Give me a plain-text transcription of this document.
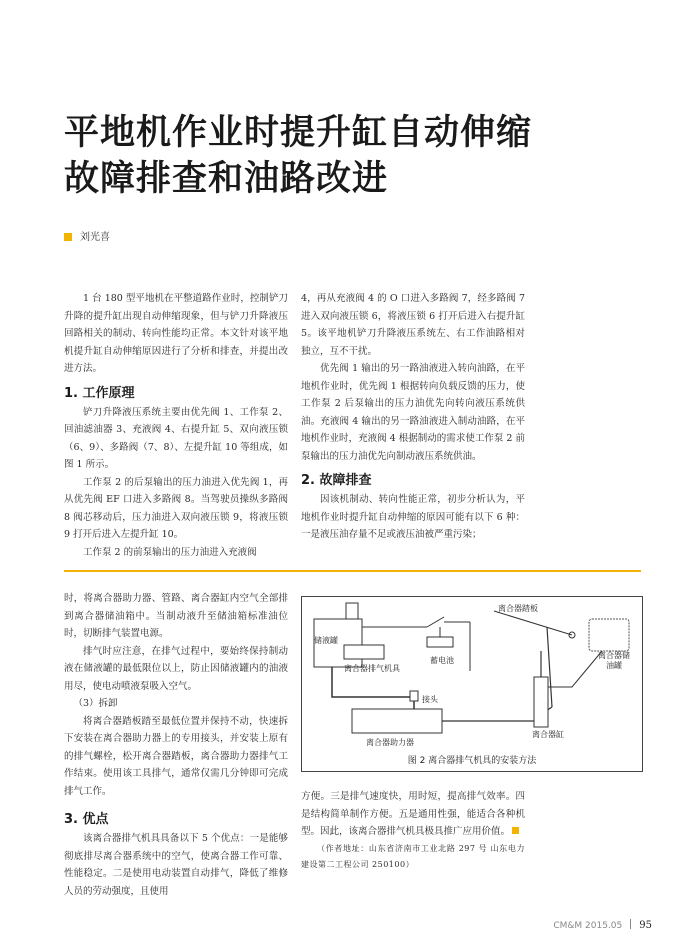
平地机作业时提升缸自动伸缩
故障排查和油路改进
刘光喜

1 台 180 型平地机在平整道路作业时，控制铲刀升降的提升缸出现自动伸缩现象，但与铲刀升降液压回路相关的制动、转向性能均正常。本文针对该平地机提升缸自动伸缩原因进行了分析和排查，并提出改进方法。

1. 工作原理

铲刀升降液压系统主要由优先阀 1、工作泵 2、回油滤油器 3、充液阀 4、右提升缸 5、双向液压锁（6、9）、多路阀（7、8）、左提升缸 10 等组成，如图 1 所示。

工作泵 2 的后泵输出的压力油进入优先阀 1，再从优先阀 EF 口进入多路阀 8。当驾驶员操纵多路阀 8 阀芯移动后，压力油进入双向液压锁 9，将液压锁 9 打开后进入左提升缸 10。

工作泵 2 的前泵输出的压力油进入充液阀

4，再从充液阀 4 的 O 口进入多路阀 7，经多路阀 7 进入双向液压锁 6，将液压锁 6 打开后进入右提升缸 5。该平地机铲刀升降液压系统左、右工作油路相对独立，互不干扰。

优先阀 1 输出的另一路油液进入转向油路，在平地机作业时，优先阀 1 根据转向负载反馈的压力，使工作泵 2 后泵输出的压力油优先向转向液压系统供油。充液阀 4 输出的另一路油液进入制动油路，在平地机作业时，充液阀 4 根据制动的需求使工作泵 2 前泵输出的压力油优先向制动液压系统供油。

2. 故障排查

因该机制动、转向性能正常，初步分析认为，平地机作业时提升缸自动伸缩的原因可能有以下 6 种：一是液压油存量不足或液压油被严重污染；

时，将离合器助力器、管路、离合器缸内空气全部排到离合器储油箱中。当制动液升至储油箱标准油位时，切断排气装置电源。

排气时应注意，在排气过程中，要始终保持制动液在储液罐的最低限位以上，防止因储液罐内的油液用尽，使电动喷液泵吸入空气。

（3）拆卸

将离合器踏板踏至最低位置并保持不动，快速拆下安装在离合器助力器上的专用接头，并安装上原有的排气螺栓，松开离合器踏板，离合器助力器排气工作结束。使用该工具排气，通常仅需几分钟即可完成排气工作。

3. 优点

该离合器排气机具具备以下 5 个优点：一是能够彻底排尽离合器系统中的空气，使离合器工作可靠、性能稳定。二是使用电动装置自动排气，降低了维修人员的劳动强度，且使用

离合器踏板
储液罐
离合器排气机具
蓄电池
离合器储油罐
接头
离合器缸
离合器助力器
图 2 离合器排气机具的安装方法

方便。三是排气速度快，用时短，提高排气效率。四是结构简单制作方便。五是通用性强，能适合各种机型。因此，该离合器排气机具极具推广应用价值。

（作者地址：山东省济南市工业北路 297 号 山东电力建设第二工程公司 250100）

CM&M 2015.05 95
